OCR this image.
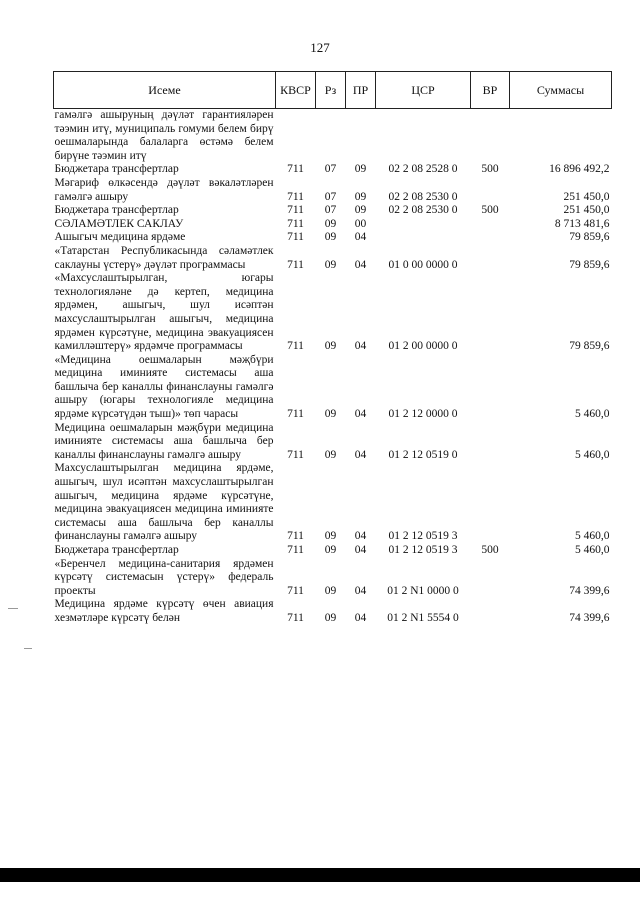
127
Исеме	КВСР	Рз	ПР	ЦСР	ВР	Суммасы
гамәлгә ашыруның дәүләт гарантияләрен тәэмин итү, муниципаль гомуми белем бирү оешмаларында балаларга өстәмә белем бирүне тәэмин итү						
Бюджетара трансфертлар	711	07	09	02 2 08 2528 0	500	16 896 492,2
Мәгариф өлкәсендә дәүләт вәкаләтләрен гамәлгә ашыру	711	07	09	02 2 08 2530 0		251 450,0
Бюджетара трансфертлар	711	07	09	02 2 08 2530 0	500	251 450,0
СӘЛАМӘТЛЕК САКЛАУ	711	09	00			8 713 481,6
Ашыгыч медицина ярдәме	711	09	04			79 859,6
«Татарстан Республикасында сәламәтлек саклауны үстерү» дәүләт программасы	711	09	04	01 0 00 0000 0		79 859,6
«Махсуслаштырылган, югары технологияләне дә кертеп, медицина ярдәмен, ашыгыч, шул исәптән махсуслаштырылган ашыгыч, медицина ярдәмен күрсәтүне, медицина эвакуациясен камилләштерү» ярдәмче программасы	711	09	04	01 2 00 0000 0		79 859,6
«Медицина оешмаларын мәҗбүри медицина иминияте системасы аша башлыча бер каналлы финанслауны гамәлгә ашыру (югары технологияле медицина ярдәме күрсәтүдән тыш)» төп чарасы	711	09	04	01 2 12 0000 0		5 460,0
Медицина оешмаларын мәҗбүри медицина иминияте системасы аша башлыча бер каналлы финанслауны гамәлгә ашыру	711	09	04	01 2 12 0519 0		5 460,0
Махсуслаштырылган медицина ярдәме, ашыгыч, шул исәптән махсуслаштырылган ашыгыч, медицина ярдәме күрсәтүне, медицина эвакуациясен медицина иминияте системасы аша башлыча бер каналлы финанслауны гамәлгә ашыру	711	09	04	01 2 12 0519 3		5 460,0
Бюджетара трансфертлар	711	09	04	01 2 12 0519 3	500	5 460,0
«Беренчел медицина-санитария ярдәмен күрсәтү системасын үстерү» федераль проекты	711	09	04	01 2 N1 0000 0		74 399,6
Медицина ярдәме күрсәтү өчен авиация хезмәтләре күрсәтү белән	711	09	04	01 2 N1 5554 0		74 399,6
